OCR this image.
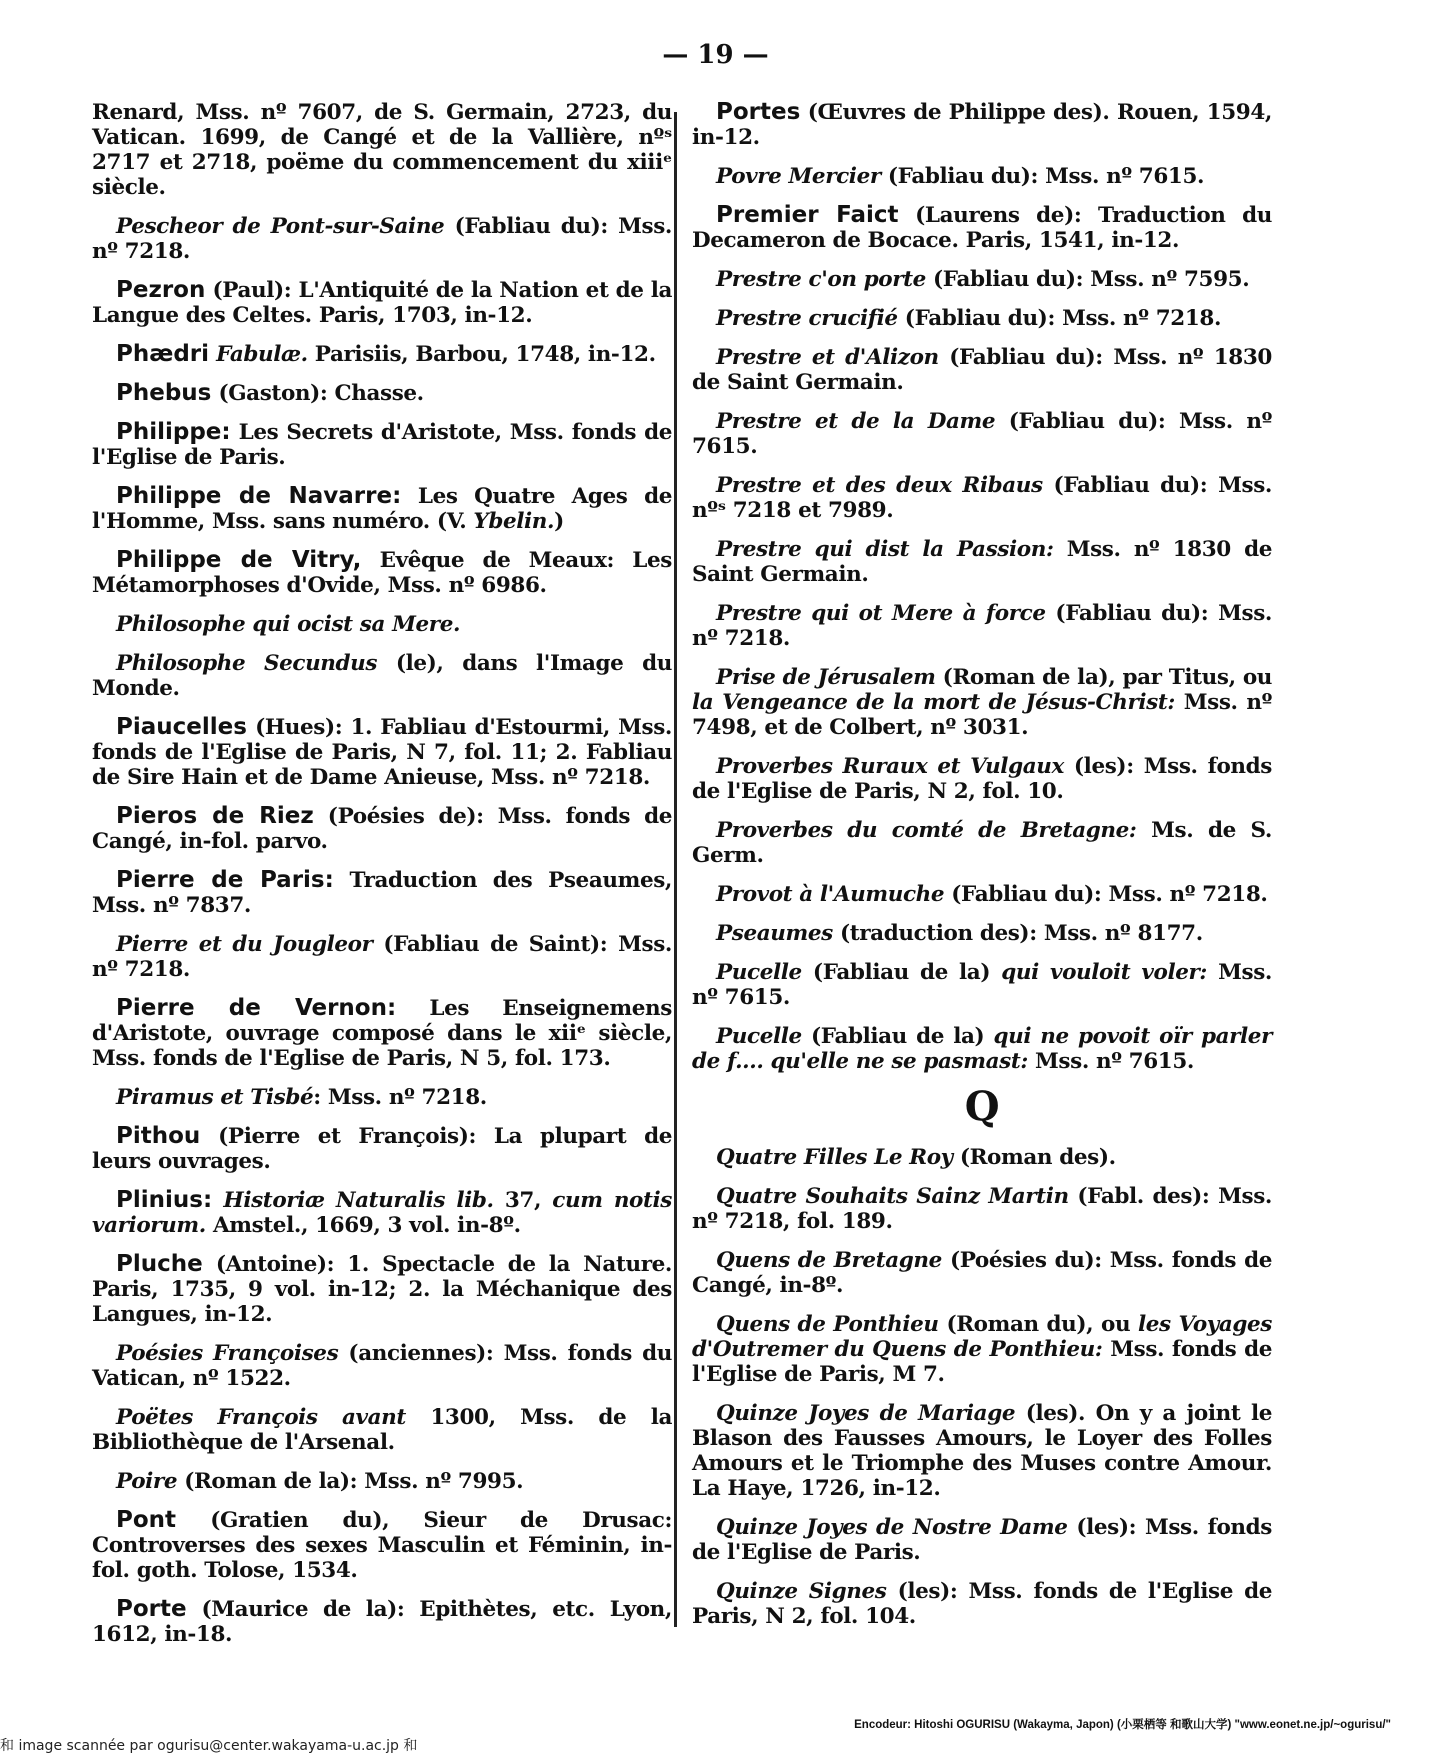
— 19 —

Renard, Mss. nº 7607, de S. Germain, 2723, du Vatican. 1699, de Cangé et de la Vallière, nºˢ 2717 et 2718, poëme du commencement du xiiiᵉ siècle.

Pescheor de Pont-sur-Saine (Fabliau du): Mss. nº 7218.

Pezron (Paul): L'Antiquité de la Nation et de la Langue des Celtes. Paris, 1703, in-12.

Phædri Fabulæ. Parisiis, Barbou, 1748, in-12.

Phebus (Gaston): Chasse.

Philippe: Les Secrets d'Aristote, Mss. fonds de l'Eglise de Paris.

Philippe de Navarre: Les Quatre Ages de l'Homme, Mss. sans numéro. (V. Ybelin.)

Philippe de Vitry, Evêque de Meaux: Les Métamorphoses d'Ovide, Mss. nº 6986.

Philosophe qui ocist sa Mere.

Philosophe Secundus (le), dans l'Image du Monde.

Piaucelles (Hues): 1. Fabliau d'Estourmi, Mss. fonds de l'Eglise de Paris, N 7, fol. 11; 2. Fabliau de Sire Hain et de Dame Anieuse, Mss. nº 7218.

Pieros de Riez (Poésies de): Mss. fonds de Cangé, in-fol. parvo.

Pierre de Paris: Traduction des Pseaumes, Mss. nº 7837.

Pierre et du Jougleor (Fabliau de Saint): Mss. nº 7218.

Pierre de Vernon: Les Enseignemens d'Aristote, ouvrage composé dans le xiiᵉ siècle, Mss. fonds de l'Eglise de Paris, N 5, fol. 173.

Piramus et Tisbé: Mss. nº 7218.

Pithou (Pierre et François): La plupart de leurs ouvrages.

Plinius: Historiæ Naturalis lib. 37, cum notis variorum. Amstel., 1669, 3 vol. in-8º.

Pluche (Antoine): 1. Spectacle de la Nature. Paris, 1735, 9 vol. in-12; 2. la Méchanique des Langues, in-12.

Poésies Françoises (anciennes): Mss. fonds du Vatican, nº 1522.

Poëtes François avant 1300, Mss. de la Bibliothèque de l'Arsenal.

Poire (Roman de la): Mss. nº 7995.

Pont (Gratien du), Sieur de Drusac: Controverses des sexes Masculin et Féminin, in-fol. goth. Tolose, 1534.

Porte (Maurice de la): Epithètes, etc. Lyon, 1612, in-18.

Portes (Œuvres de Philippe des). Rouen, 1594, in-12.

Povre Mercier (Fabliau du): Mss. nº 7615.

Premier Faict (Laurens de): Traduction du Decameron de Bocace. Paris, 1541, in-12.

Prestre c'on porte (Fabliau du): Mss. nº 7595.

Prestre crucifié (Fabliau du): Mss. nº 7218.

Prestre et d'Alizon (Fabliau du): Mss. nº 1830 de Saint Germain.

Prestre et de la Dame (Fabliau du): Mss. nº 7615.

Prestre et des deux Ribaus (Fabliau du): Mss. nºˢ 7218 et 7989.

Prestre qui dist la Passion: Mss. nº 1830 de Saint Germain.

Prestre qui ot Mere à force (Fabliau du): Mss. nº 7218.

Prise de Jérusalem (Roman de la), par Titus, ou la Vengeance de la mort de Jésus-Christ: Mss. nº 7498, et de Colbert, nº 3031.

Proverbes Ruraux et Vulgaux (les): Mss. fonds de l'Eglise de Paris, N 2, fol. 10.

Proverbes du comté de Bretagne: Ms. de S. Germ.

Provot à l'Aumuche (Fabliau du): Mss. nº 7218.

Pseaumes (traduction des): Mss. nº 8177.

Pucelle (Fabliau de la) qui vouloit voler: Mss. nº 7615.

Pucelle (Fabliau de la) qui ne povoit oïr parler de f.... qu'elle ne se pasmast: Mss. nº 7615.

Q

Quatre Filles Le Roy (Roman des).

Quatre Souhaits Sainz Martin (Fabl. des): Mss. nº 7218, fol. 189.

Quens de Bretagne (Poésies du): Mss. fonds de Cangé, in-8º.

Quens de Ponthieu (Roman du), ou les Voyages d'Outremer du Quens de Ponthieu: Mss. fonds de l'Eglise de Paris, M 7.

Quinze Joyes de Mariage (les). On y a joint le Blason des Fausses Amours, le Loyer des Folles Amours et le Triomphe des Muses contre Amour. La Haye, 1726, in-12.

Quinze Joyes de Nostre Dame (les): Mss. fonds de l'Eglise de Paris.

Quinze Signes (les): Mss. fonds de l'Eglise de Paris, N 2, fol. 104.

Encodeur: Hitoshi OGURISU (Wakayma, Japon) (小栗栖等 和歌山大学) "www.eonet.ne.jp/~ogurisu/"
和 image scannée par ogurisu@center.wakayama-u.ac.jp 和
